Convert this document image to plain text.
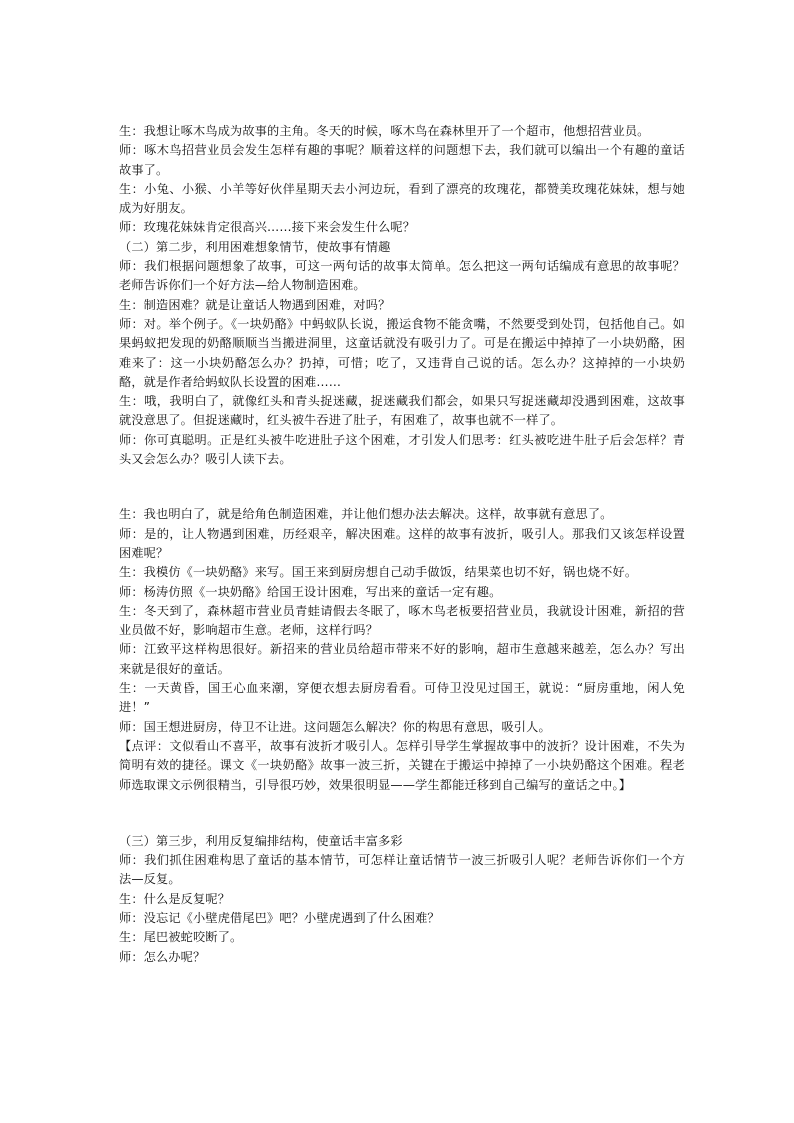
生：我想让啄木鸟成为故事的主角。冬天的时候，啄木鸟在森林里开了一个超市，他想招营业员。

师：啄木鸟招营业员会发生怎样有趣的事呢？顺着这样的问题想下去，我们就可以编出一个有趣的童话故事了。

生：小兔、小猴、小羊等好伙伴星期天去小河边玩，看到了漂亮的玫瑰花，都赞美玫瑰花妹妹，想与她成为好朋友。

师：玫瑰花妹妹肯定很高兴……接下来会发生什么呢？

（二）第二步，利用困难想象情节，使故事有情趣

师：我们根据问题想象了故事，可这一两句话的故事太简单。怎么把这一两句话编成有意思的故事呢？老师告诉你们一个好方法—给人物制造困难。

生：制造困难？就是让童话人物遇到困难，对吗？

师：对。举个例子。《一块奶酪》中蚂蚁队长说，搬运食物不能贪嘴，不然要受到处罚，包括他自己。如果蚂蚁把发现的奶酪顺顺当当搬进洞里，这童话就没有吸引力了。可是在搬运中掉掉了一小块奶酪，困难来了：这一小块奶酪怎么办？扔掉，可惜；吃了，又违背自己说的话。怎么办？这掉掉的一小块奶酪，就是作者给蚂蚁队长设置的困难……

生：哦，我明白了，就像红头和青头捉迷藏，捉迷藏我们都会，如果只写捉迷藏却没遇到困难，这故事就没意思了。但捉迷藏时，红头被牛吞进了肚子，有困难了，故事也就不一样了。

师：你可真聪明。正是红头被牛吃进肚子这个困难，才引发人们思考：红头被吃进牛肚子后会怎样？青头又会怎么办？吸引人读下去。

生：我也明白了，就是给角色制造困难，并让他们想办法去解决。这样，故事就有意思了。

师：是的，让人物遇到困难，历经艰辛，解决困难。这样的故事有波折，吸引人。那我们又该怎样设置困难呢？

生：我模仿《一块奶酪》来写。国王来到厨房想自己动手做饭，结果菜也切不好，锅也烧不好。

师：杨涛仿照《一块奶酪》给国王设计困难，写出来的童话一定有趣。

生：冬天到了，森林超市营业员青蛙请假去冬眠了，啄木鸟老板要招营业员，我就设计困难，新招的营业员做不好，影响超市生意。老师，这样行吗？

师：江致平这样构思很好。新招来的营业员给超市带来不好的影响，超市生意越来越差，怎么办？写出来就是很好的童话。

生：一天黄昏，国王心血来潮，穿便衣想去厨房看看。可侍卫没见过国王，就说：“厨房重地，闲人免进！”

师：国王想进厨房，侍卫不让进。这问题怎么解决？你的构思有意思，吸引人。

【点评：文似看山不喜平，故事有波折才吸引人。怎样引导学生掌握故事中的波折？设计困难，不失为简明有效的捷径。课文《一块奶酪》故事一波三折，关键在于搬运中掉掉了一小块奶酪这个困难。程老师选取课文示例很精当，引导很巧妙，效果很明显——学生都能迁移到自己编写的童话之中。】

（三）第三步，利用反复编排结构，使童话丰富多彩

师：我们抓住困难构思了童话的基本情节，可怎样让童话情节一波三折吸引人呢？老师告诉你们一个方法—反复。

生：什么是反复呢？

师：没忘记《小壁虎借尾巴》吧？小壁虎遇到了什么困难？

生：尾巴被蛇咬断了。

师：怎么办呢？
